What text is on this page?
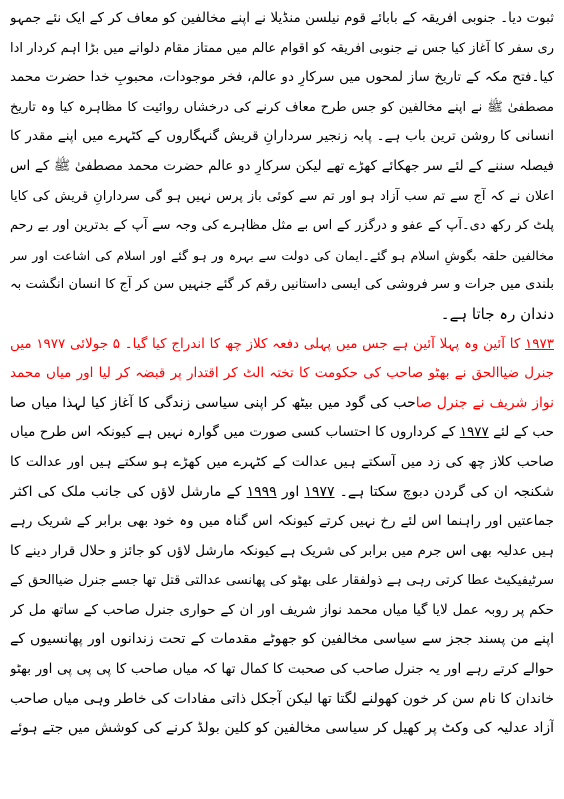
ثبوت دیا۔ جنوبی افریقہ کے بابائے قوم نیلسن منڈیلا نے اپنے مخالفین کو معاف کر کے ایک نئے جمہو
ری سفر کا آغاز کیا جس نے جنوبی افریقہ کو اقوام عالم میں ممتاز مقام دلوانے میں بڑا اہم کردار ادا
کیا۔فتح مکہ کے تاریخ ساز لمحوں میں سرکارِ دو عالم، فخر موجودات، محبوبِ خدا حضرت محمد
مصطفیٰ ﷺ نے اپنے مخالفین کو جس طرح معاف کرنے کی درخشاں روائیت کا مظاہرہ کیا وہ تاریخ
انسانی کا روشن ترین باب ہے۔ پابہ زنجیر سردارانِ قریش گنہگاروں کے کٹہرے میں اپنے مقدر کا
فیصلہ سننے کے لئے سر جھکائے کھڑے تھے لیکن سرکارِ دو عالم حضرت محمد مصطفیٰ ﷺ کے اس
اعلان نے کہ آج سے تم سب آزاد ہو اور تم سے کوئی باز پرس نہیں ہو گی سردارانِ قریش کی کایا
پلٹ کر رکھ دی۔آپ کے عفو و درگزر کے اس بے مثل مظاہرے کی وجہ سے آپ کے بدترین اور بے رحم
مخالفین حلقہ بگوشِ اسلام ہو گئے۔ایمان کی دولت سے بہرہ ور ہو گئے اور اسلام کی اشاعت اور سر
بلندی میں جرات و سر فروشی کی ایسی داستانیں رقم کر گئے جنہیں سن کر آج کا انسان انگشت بہ
دندان رہ جاتا ہے۔
۱۹۷۳ کا آئین وہ پہلا آئین ہے جس میں پہلی دفعہ کلاز چھ کا اندراج کیا گیا۔ ۵ جولائی ۱۹۷۷ میں
جنرل ضیاالحق نے بھٹو صاحب کی حکومت کا تختہ الٹ کر اقتدار پر قبضہ کر لیا اور میاں محمد
نواز شریف نے جنرل صاحب کی گود میں بیٹھ کر اپنی سیاسی زندگی کا آغاز کیا لہذا میاں صا
حب کے لئے ۱۹۷۷ کے کرداروں کا احتساب کسی صورت میں گوارہ نہیں ہے کیونکہ اس طرح میاں
صاحب کلاز چھ کی زد میں آسکتے ہیں عدالت کے کٹہرے میں کھڑے ہو سکتے ہیں اور عدالت کا
شکنجہ ان کی گردن دبوچ سکتا ہے۔ ۱۹۷۷ اور ۱۹۹۹ کے مارشل لاؤں کی جانب ملک کی اکثر
جماعتیں اور راہنما اس لئے رخ نہیں کرتے کیونکہ اس گناہ میں وہ خود بھی برابر کے شریک رہے
ہیں عدلیہ بھی اس جرم میں برابر کی شریک ہے کیونکہ مارشل لاؤں کو جائز و حلال قرار دینے کا
سرٹیفیکیٹ عطا کرتی رہی ہے ذولفقار علی بھٹو کی پھانسی عدالتی قتل تھا جسے جنرل ضیاالحق کے
حکم پر روبہ عمل لایا گیا میاں محمد نواز شریف اور ان کے حواری جنرل صاحب کے ساتھ مل کر
اپنے من پسند ججز سے سیاسی مخالفین کو جھوٹے مقدمات کے تحت زندانوں اور پھانسیوں کے
حوالے کرتے رہے اور یہ جنرل صاحب کی صحبت کا کمال تھا کہ میاں صاحب کا پی پی پی اور بھٹو
خاندان کا نام سن کر خون کھولنے لگتا تھا لیکن آجکل ذاتی مفادات کی خاطر وہی میاں صاحب
آزاد عدلیہ کی وکٹ پر کھیل کر سیاسی مخالفین کو کلین بولڈ کرنے کی کوشش میں جتے ہوئے
